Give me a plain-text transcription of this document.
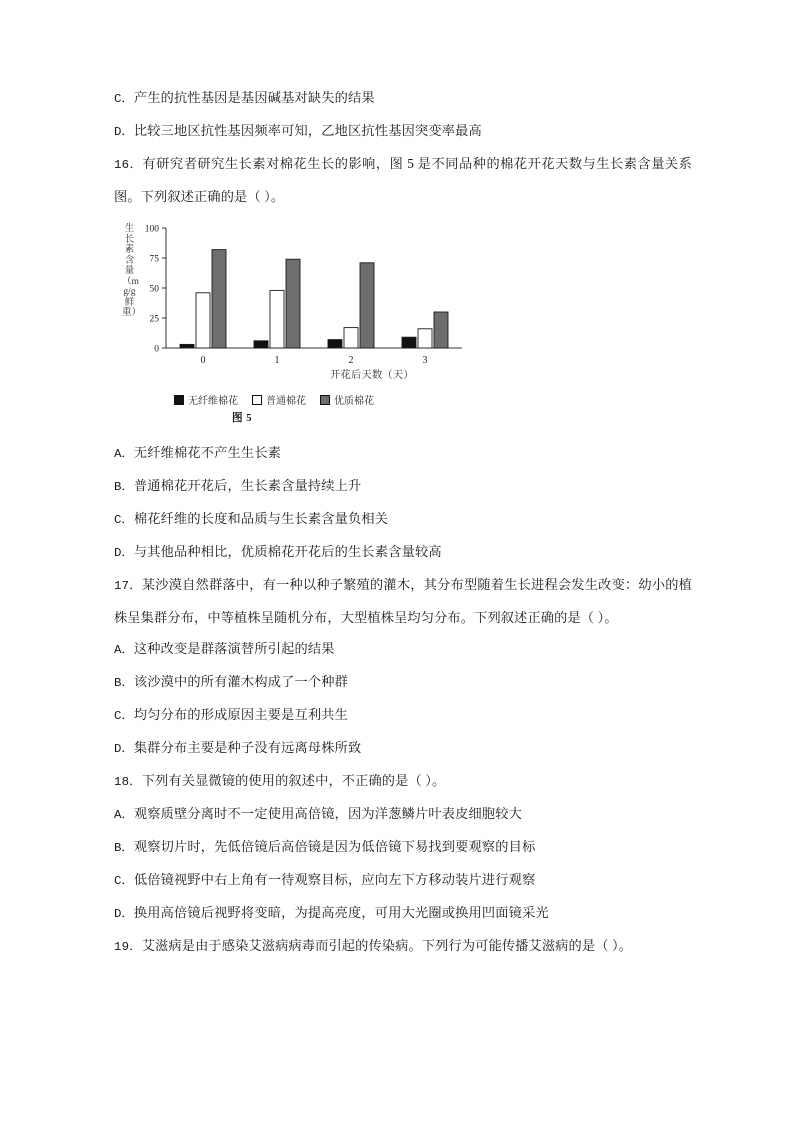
C．产生的抗性基因是基因碱基对缺失的结果
D．比较三地区抗性基因频率可知，乙地区抗性基因突变率最高
16．有研究者研究生长素对棉花生长的影响，图 5 是不同品种的棉花开花天数与生长素含量关系图。下列叙述正确的是（ ）。
生长素含量（mg/g鲜重）
0
25
50
75
100
0	1	2	3
开花后天数（天）
无纤维棉花	普通棉花	优质棉花
图 5
A．无纤维棉花不产生生长素
B．普通棉花开花后，生长素含量持续上升
C．棉花纤维的长度和品质与生长素含量负相关
D．与其他品种相比，优质棉花开花后的生长素含量较高
17．某沙漠自然群落中，有一种以种子繁殖的灌木，其分布型随着生长进程会发生改变：幼小的植株呈集群分布，中等植株呈随机分布，大型植株呈均匀分布。下列叙述正确的是（ ）。
A．这种改变是群落演替所引起的结果
B．该沙漠中的所有灌木构成了一个种群
C．均匀分布的形成原因主要是互利共生
D．集群分布主要是种子没有远离母株所致
18．下列有关显微镜的使用的叙述中，不正确的是（ ）。
A．观察质壁分离时不一定使用高倍镜，因为洋葱鳞片叶表皮细胞较大
B．观察切片时，先低倍镜后高倍镜是因为低倍镜下易找到要观察的目标
C．低倍镜视野中右上角有一待观察目标，应向左下方移动装片进行观察
D．换用高倍镜后视野将变暗，为提高亮度，可用大光圈或换用凹面镜采光
19．艾滋病是由于感染艾滋病病毒而引起的传染病。下列行为可能传播艾滋病的是（ ）。
